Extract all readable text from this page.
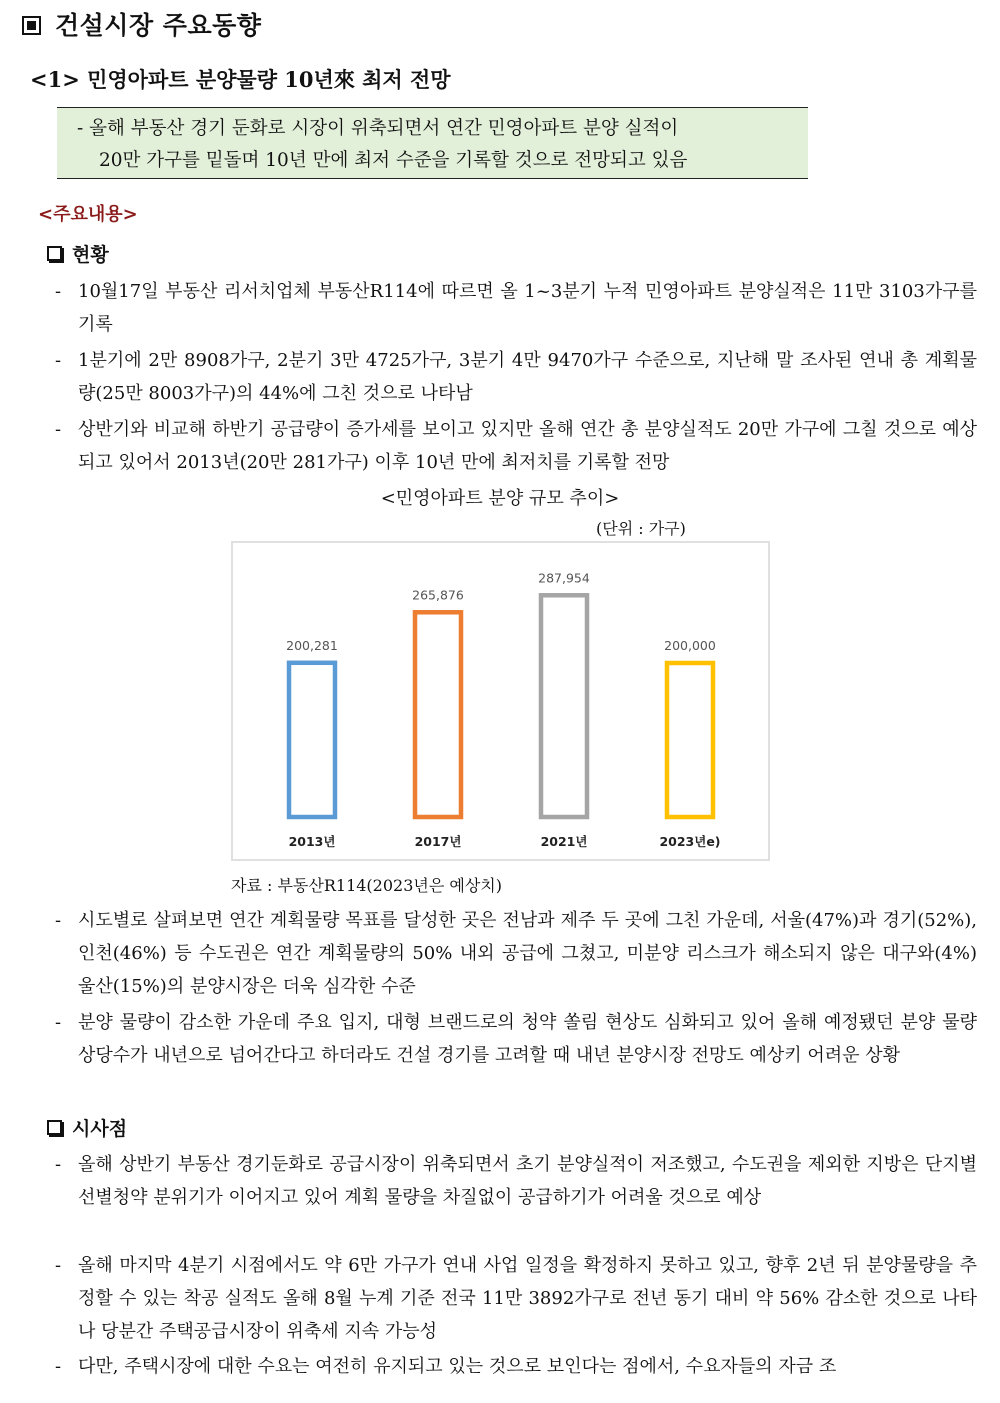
건설시장 주요동향
<1> 민영아파트 분양물량 10년來 최저 전망
- 올해 부동산 경기 둔화로 시장이 위축되면서 연간 민영아파트 분양 실적이
20만 가구를 밑돌며 10년 만에 최저 수준을 기록할 것으로 전망되고 있음
<주요내용>
현황
- 10월17일 부동산 리서치업체 부동산R114에 따르면 올 1~3분기 누적 민영아파트 분양실적은 11만 3103가구를 기록
- 1분기에 2만 8908가구, 2분기 3만 4725가구, 3분기 4만 9470가구 수준으로, 지난해 말 조사된 연내 총 계획물량(25만 8003가구)의 44%에 그친 것으로 나타남
- 상반기와 비교해 하반기 공급량이 증가세를 보이고 있지만 올해 연간 총 분양실적도 20만 가구에 그칠 것으로 예상되고 있어서 2013년(20만 281가구) 이후 10년 만에 최저치를 기록할 전망
<민영아파트 분양 규모 추이>
(단위 : 가구)
200,281
2013년
265,876
2017년
287,954
2021년
200,000
2023년e)
자료 : 부동산R114(2023년은 예상치)
- 시도별로 살펴보면 연간 계획물량 목표를 달성한 곳은 전남과 제주 두 곳에 그친 가운데, 서울(47%)과 경기(52%), 인천(46%) 등 수도권은 연간 계획물량의 50% 내외 공급에 그쳤고, 미분양 리스크가 해소되지 않은 대구와(4%) 울산(15%)의 분양시장은 더욱 심각한 수준
- 분양 물량이 감소한 가운데 주요 입지, 대형 브랜드로의 청약 쏠림 현상도 심화되고 있어 올해 예정됐던 분양 물량 상당수가 내년으로 넘어간다고 하더라도 건설 경기를 고려할 때 내년 분양시장 전망도 예상키 어려운 상황
시사점
- 올해 상반기 부동산 경기둔화로 공급시장이 위축되면서 초기 분양실적이 저조했고, 수도권을 제외한 지방은 단지별 선별청약 분위기가 이어지고 있어 계획 물량을 차질없이 공급하기가 어려울 것으로 예상
- 올해 마지막 4분기 시점에서도 약 6만 가구가 연내 사업 일정을 확정하지 못하고 있고, 향후 2년 뒤 분양물량을 추정할 수 있는 착공 실적도 올해 8월 누계 기준 전국 11만 3892가구로 전년 동기 대비 약 56% 감소한 것으로 나타나 당분간 주택공급시장이 위축세 지속 가능성
- 다만, 주택시장에 대한 수요는 여전히 유지되고 있는 것으로 보인다는 점에서, 수요자들의 자금 조
